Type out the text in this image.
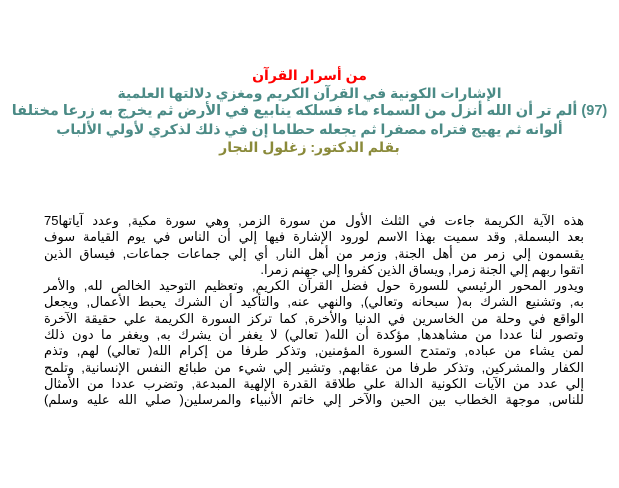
من أسرار القرآن
الإشارات الكونية في القرآن الكريم ومغزي دلالتها العلمية
(97) ألم تر أن الله أنزل من السماء ماء فسلكه ينابيع في الأرض ثم يخرج به زرعا مختلفا
ألوانه ثم يهيج فتراه مصفرا ثم يجعله حطاما إن في ذلك لذكري لأولي الألباب
بقلم الدكتور: زغلول النجار
هذه الآية الكريمة جاءت في الثلث الأول من سورة الزمر, وهي سورة مكية, وعدد آياتها75
بعد البسملة, وقد سميت بهذا الاسم لورود الإشارة فيها إلي أن الناس في يوم القيامة سوف
يقسمون إلي زمر من أهل الجنة, وزمر من أهل النار, أي إلي جماعات جماعات, فيساق الذين
اتقوا ربهم إلي الجنة زمرا, ويساق الذين كفروا إلي جهنم زمرا.
ويدور المحور الرئيسي للسورة حول فضل القرآن الكريم, وتعظيم التوحيد الخالص لله, والأمر
به, وتشنيع الشرك به( سبحانه وتعالي), والنهي عنه, والتأكيد أن الشرك يحبط الأعمال, ويجعل
الواقع في وحلة من الخاسرين في الدنيا والأخرة, كما تركز السورة الكريمة علي حقيقة الآخرة
وتصور لنا عددا من مشاهدها, مؤكدة أن الله( تعالي) لا يغفر أن يشرك به, ويغفر ما دون ذلك
لمن يشاء من عباده, وتمتدح السورة المؤمنين, وتذكر طرفا من إكرام الله( تعالي) لهم, وتذم
الكفار والمشركين, وتذكر طرفا من عقابهم, وتشير إلي شيء من طبائع النفس الإنسانية, وتلمح
إلي عدد من الآيات الكونية الدالة علي طلاقة القدرة الإلهية المبدعة, وتضرب عددا من الأمثال
للناس, موجهة الخطاب بين الحين والآخر إلي خاتم الأنبياء والمرسلين( صلي الله عليه وسلم)
